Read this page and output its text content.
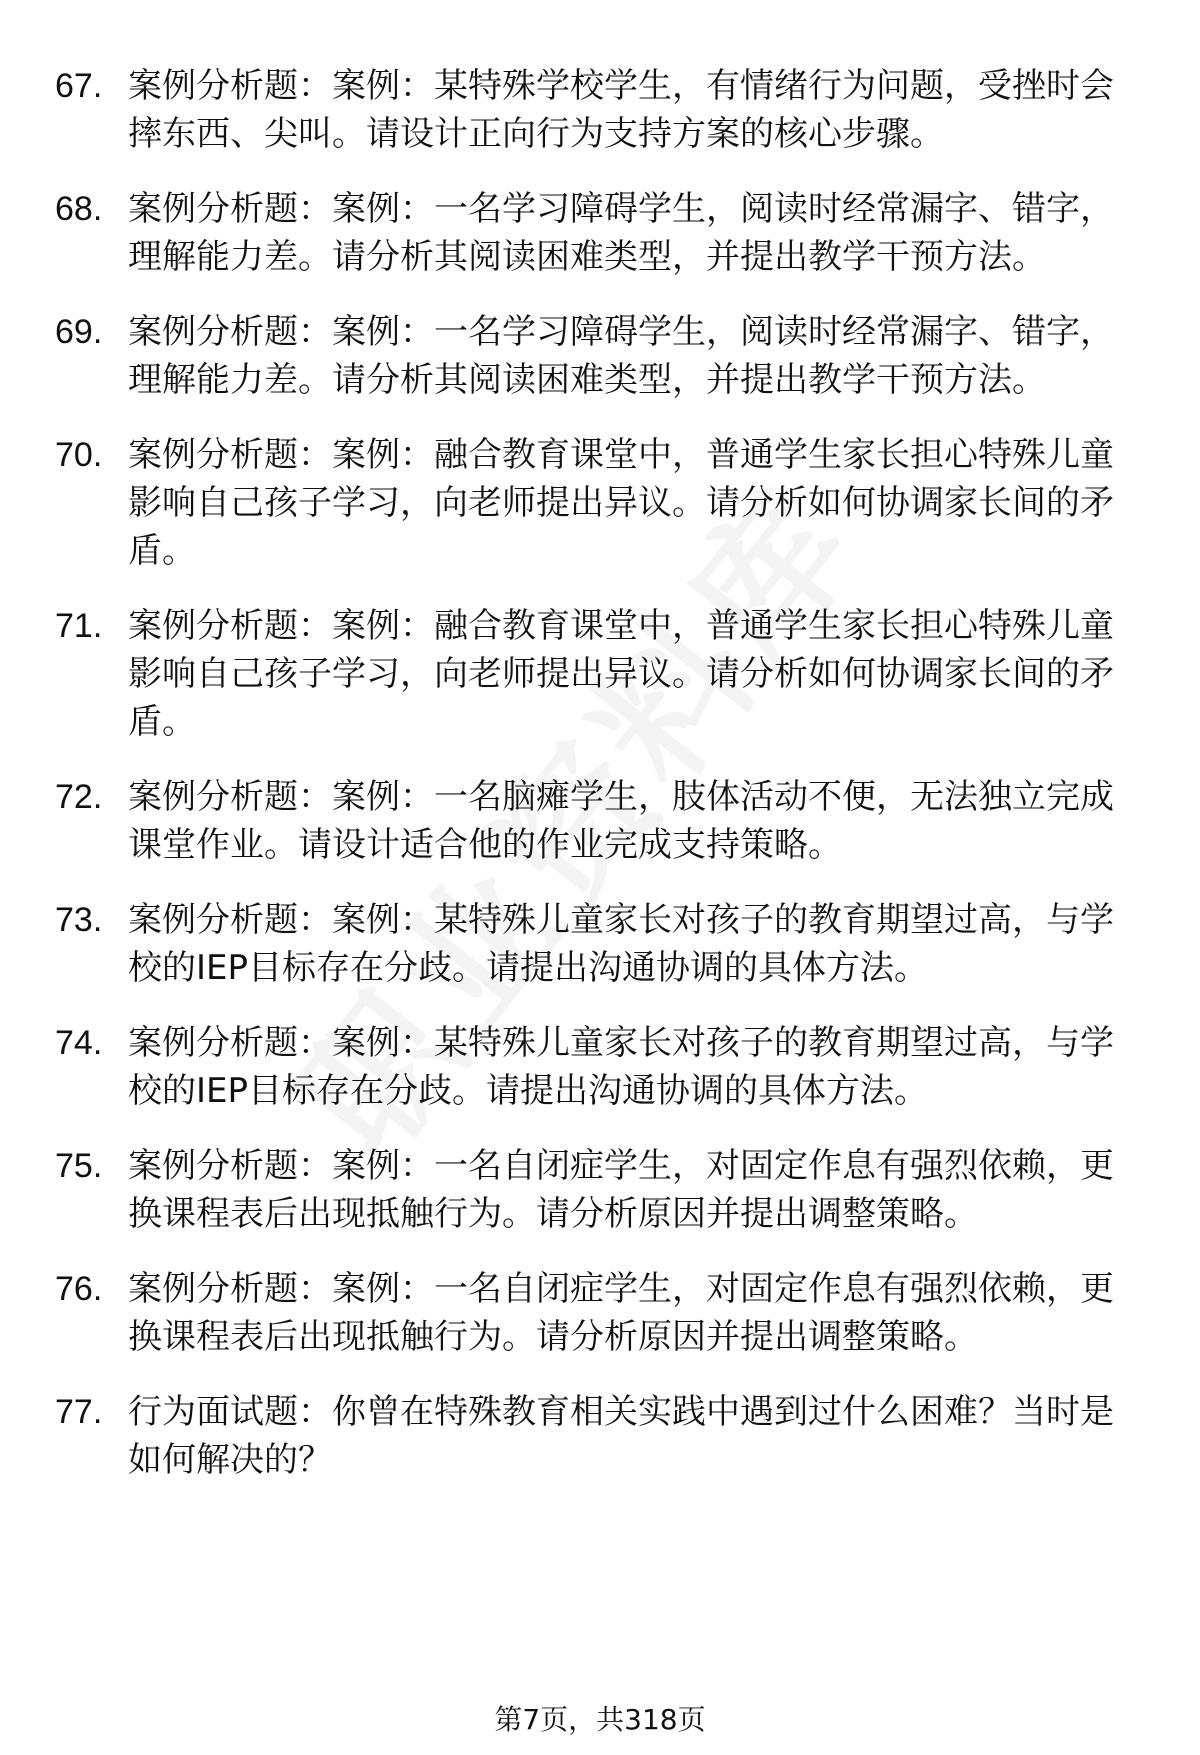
67. 案例分析题：案例：某特殊学校学生，有情绪行为问题，受挫时会摔东西、尖叫。请设计正向行为支持方案的核心步骤。
68. 案例分析题：案例：一名学习障碍学生，阅读时经常漏字、错字，理解能力差。请分析其阅读困难类型，并提出教学干预方法。
69. 案例分析题：案例：一名学习障碍学生，阅读时经常漏字、错字，理解能力差。请分析其阅读困难类型，并提出教学干预方法。
70. 案例分析题：案例：融合教育课堂中，普通学生家长担心特殊儿童影响自己孩子学习，向老师提出异议。请分析如何协调家长间的矛盾。
71. 案例分析题：案例：融合教育课堂中，普通学生家长担心特殊儿童影响自己孩子学习，向老师提出异议。请分析如何协调家长间的矛盾。
72. 案例分析题：案例：一名脑瘫学生，肢体活动不便，无法独立完成课堂作业。请设计适合他的作业完成支持策略。
73. 案例分析题：案例：某特殊儿童家长对孩子的教育期望过高，与学校的IEP目标存在分歧。请提出沟通协调的具体方法。
74. 案例分析题：案例：某特殊儿童家长对孩子的教育期望过高，与学校的IEP目标存在分歧。请提出沟通协调的具体方法。
75. 案例分析题：案例：一名自闭症学生，对固定作息有强烈依赖，更换课程表后出现抵触行为。请分析原因并提出调整策略。
76. 案例分析题：案例：一名自闭症学生，对固定作息有强烈依赖，更换课程表后出现抵触行为。请分析原因并提出调整策略。
77. 行为面试题：你曾在特殊教育相关实践中遇到过什么困难？当时是如何解决的？
第7页，共318页
